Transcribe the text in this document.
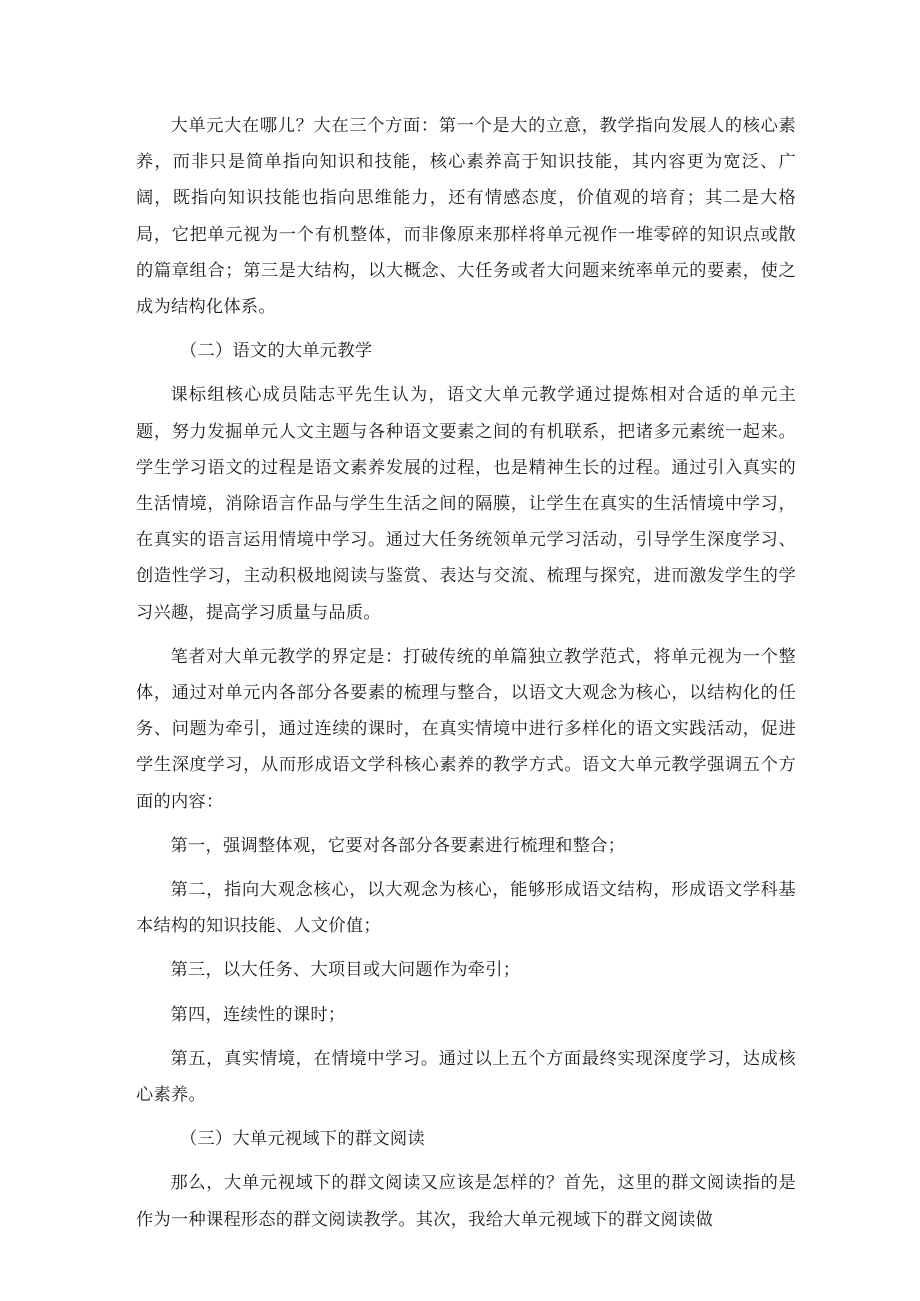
大单元大在哪儿？大在三个方面：第一个是大的立意，教学指向发展人的核心素养，而非只是简单指向知识和技能，核心素养高于知识技能，其内容更为宽泛、广阔，既指向知识技能也指向思维能力，还有情感态度，价值观的培育；其二是大格局，它把单元视为一个有机整体，而非像原来那样将单元视作一堆零碎的知识点或散的篇章组合；第三是大结构，以大概念、大任务或者大问题来统率单元的要素，使之成为结构化体系。

（二）语文的大单元教学

课标组核心成员陆志平先生认为，语文大单元教学通过提炼相对合适的单元主题，努力发掘单元人文主题与各种语文要素之间的有机联系，把诸多元素统一起来。学生学习语文的过程是语文素养发展的过程，也是精神生长的过程。通过引入真实的生活情境，消除语言作品与学生生活之间的隔膜，让学生在真实的生活情境中学习，在真实的语言运用情境中学习。通过大任务统领单元学习活动，引导学生深度学习、创造性学习，主动积极地阅读与鉴赏、表达与交流、梳理与探究，进而激发学生的学习兴趣，提高学习质量与品质。

笔者对大单元教学的界定是：打破传统的单篇独立教学范式，将单元视为一个整体，通过对单元内各部分各要素的梳理与整合，以语文大观念为核心，以结构化的任务、问题为牵引，通过连续的课时，在真实情境中进行多样化的语文实践活动，促进学生深度学习，从而形成语文学科核心素养的教学方式。语文大单元教学强调五个方面的内容：

第一，强调整体观，它要对各部分各要素进行梳理和整合；

第二，指向大观念核心，以大观念为核心，能够形成语文结构，形成语文学科基本结构的知识技能、人文价值；

第三，以大任务、大项目或大问题作为牵引；

第四，连续性的课时；

第五，真实情境，在情境中学习。通过以上五个方面最终实现深度学习，达成核心素养。

（三）大单元视域下的群文阅读

那么，大单元视域下的群文阅读又应该是怎样的？首先，这里的群文阅读指的是作为一种课程形态的群文阅读教学。其次，我给大单元视域下的群文阅读做
